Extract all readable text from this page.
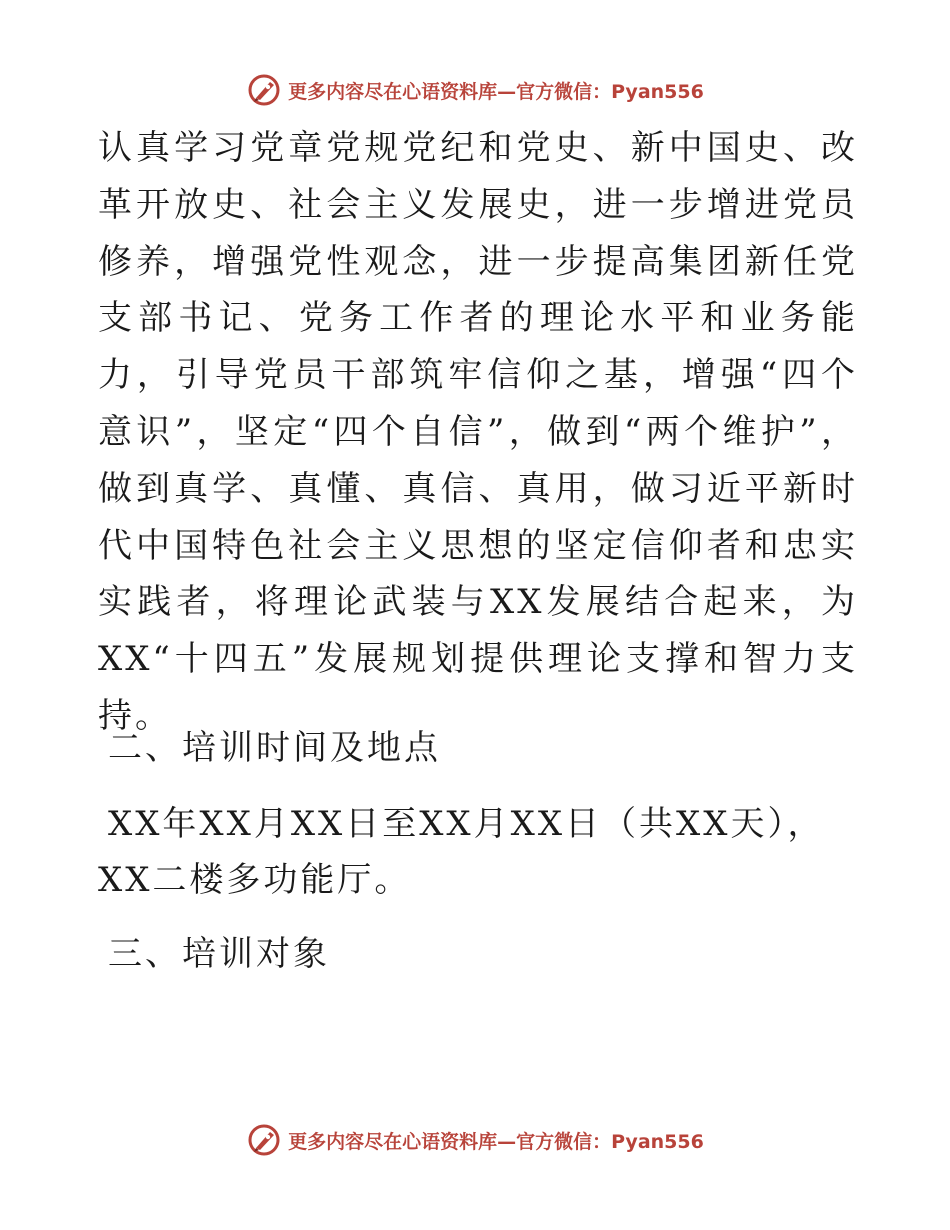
更多内容尽在心语资料库—官方微信：Pyan556

认真学习党章党规党纪和党史、新中国史、改革开放史、社会主义发展史，进一步增进党员修养，增强党性观念，进一步提高集团新任党支部书记、党务工作者的理论水平和业务能力，引导党员干部筑牢信仰之基，增强“四个意识”，坚定“四个自信”，做到“两个维护”，做到真学、真懂、真信、真用，做习近平新时代中国特色社会主义思想的坚定信仰者和忠实实践者，将理论武装与XX发展结合起来，为XX“十四五”发展规划提供理论支撑和智力支持。

二、培训时间及地点

XX年XX月XX日至XX月XX日（共XX天），XX二楼多功能厅。

三、培训对象

更多内容尽在心语资料库—官方微信：Pyan556
